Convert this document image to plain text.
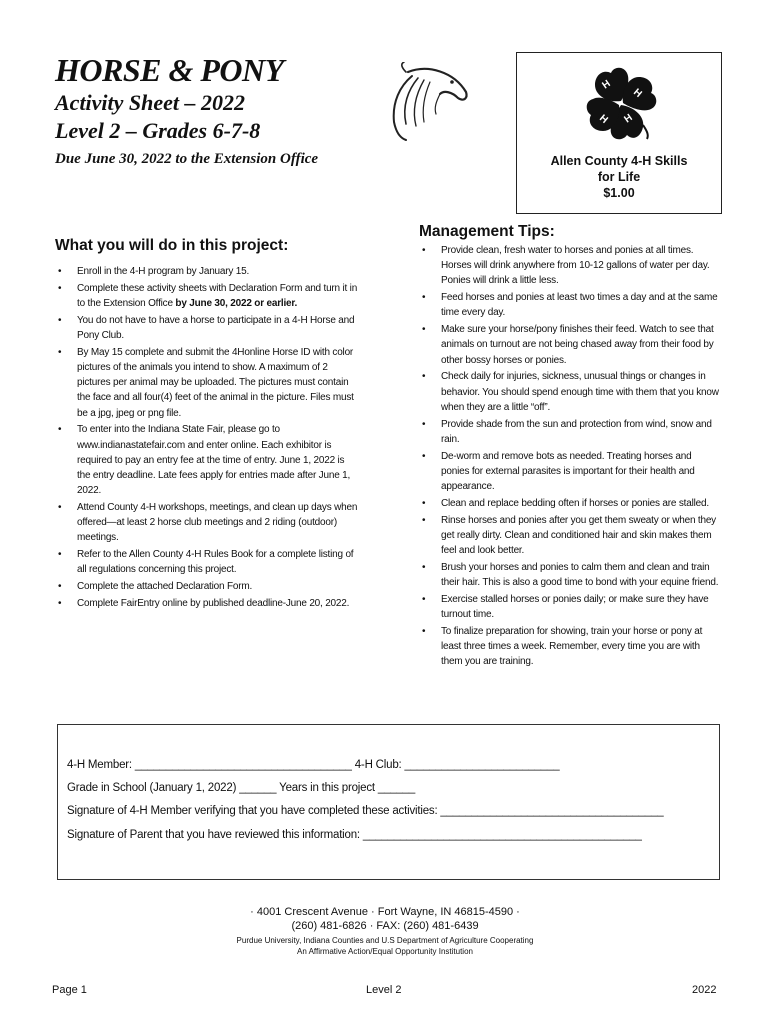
HORSE & PONY
Activity Sheet – 2022
Level 2 – Grades 6-7-8
Due June 30, 2022 to the Extension Office
H
H
H
H
Allen County 4-H Skills
for Life
$1.00
What you will do in this project:
• Enroll in the 4-H program by January 15.
• Complete these activity sheets with Declaration Form and turn it in to the Extension Office by June 30, 2022 or earlier.
• You do not have to have a horse to participate in a 4-H Horse and Pony Club.
• By May 15 complete and submit the 4Honline Horse ID with color pictures of the animals you intend to show. A maximum of 2 pictures per animal may be uploaded. The pictures must contain the face and all four(4) feet of the animal in the picture. Files must be a jpg, jpeg or png file.
• To enter into the Indiana State Fair, please go to www.indianastatefair.com and enter online. Each exhibitor is required to pay an entry fee at the time of entry. June 1, 2022 is the entry deadline. Late fees apply for entries made after June 1, 2022.
• Attend County 4-H workshops, meetings, and clean up days when offered—at least 2 horse club meetings and 2 riding (outdoor) meetings.
• Refer to the Allen County 4-H Rules Book for a complete listing of all regulations concerning this project.
• Complete the attached Declaration Form.
• Complete FairEntry online by published deadline-June 20, 2022.
Management Tips:
• Provide clean, fresh water to horses and ponies at all times. Horses will drink anywhere from 10-12 gallons of water per day. Ponies will drink a little less.
• Feed horses and ponies at least two times a day and at the same time every day.
• Make sure your horse/pony finishes their feed. Watch to see that animals on turnout are not being chased away from their food by other bossy horses or ponies.
• Check daily for injuries, sickness, unusual things or changes in behavior. You should spend enough time with them that you know when they are a little “off”.
• Provide shade from the sun and protection from wind, snow and rain.
• De-worm and remove bots as needed. Treating horses and ponies for external parasites is important for their health and appearance.
• Clean and replace bedding often if horses or ponies are stalled.
• Rinse horses and ponies after you get them sweaty or when they get really dirty. Clean and conditioned hair and skin makes them feel and look better.
• Brush your horses and ponies to calm them and clean and train their hair. This is also a good time to bond with your equine friend.
• Exercise stalled horses or ponies daily; or make sure they have turnout time.
• To finalize preparation for showing, train your horse or pony at least three times a week. Remember, every time you are with them you are training.
4-H Member: ___________________________________ 4-H Club: _________________________
Grade in School (January 1, 2022) ______ Years in this project ______
Signature of 4-H Member verifying that you have completed these activities: ____________________________________
Signature of Parent that you have reviewed this information: _____________________________________________
· 4001 Crescent Avenue · Fort Wayne, IN 46815-4590 ·
(260) 481-6826 · FAX: (260) 481-6439
Purdue University, Indiana Counties and U.S Department of Agriculture Cooperating
An Affirmative Action/Equal Opportunity Institution
Page 1	Level 2	2022
